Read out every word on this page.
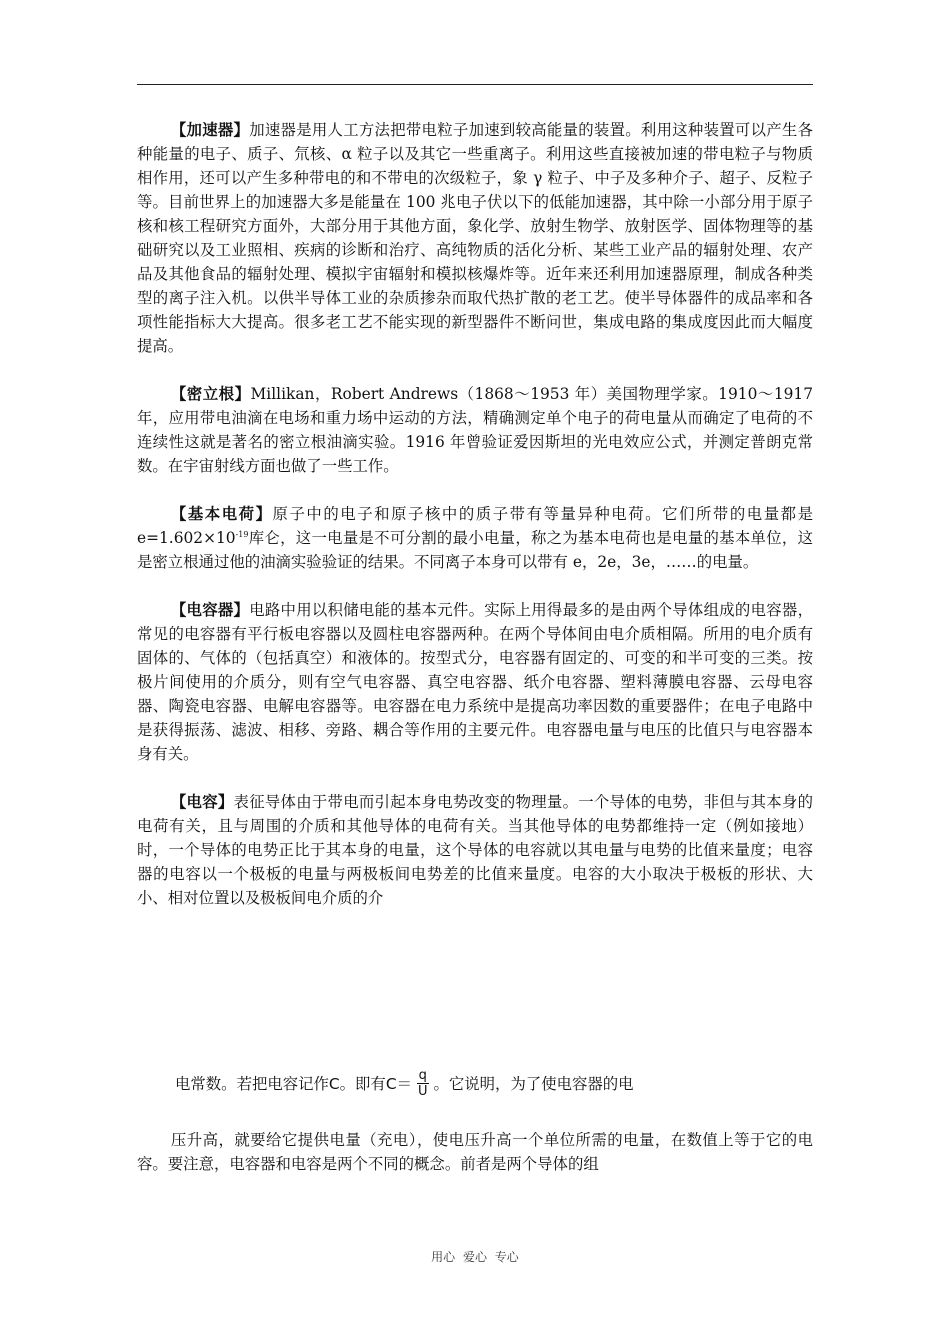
【加速器】加速器是用人工方法把带电粒子加速到较高能量的装置。利用这种装置可以产生各种能量的电子、质子、氘核、α 粒子以及其它一些重离子。利用这些直接被加速的带电粒子与物质相作用，还可以产生多种带电的和不带电的次级粒子，象 γ 粒子、中子及多种介子、超子、反粒子等。目前世界上的加速器大多是能量在 100 兆电子伏以下的低能加速器，其中除一小部分用于原子核和核工程研究方面外，大部分用于其他方面，象化学、放射生物学、放射医学、固体物理等的基础研究以及工业照相、疾病的诊断和治疗、高纯物质的活化分析、某些工业产品的辐射处理、农产品及其他食品的辐射处理、模拟宇宙辐射和模拟核爆炸等。近年来还利用加速器原理，制成各种类型的离子注入机。以供半导体工业的杂质掺杂而取代热扩散的老工艺。使半导体器件的成品率和各项性能指标大大提高。很多老工艺不能实现的新型器件不断问世，集成电路的集成度因此而大幅度提高。

【密立根】Millikan，Robert Andrews（1868～1953 年）美国物理学家。1910～1917 年，应用带电油滴在电场和重力场中运动的方法，精确测定单个电子的荷电量从而确定了电荷的不连续性这就是著名的密立根油滴实验。1916 年曾验证爱因斯坦的光电效应公式，并测定普朗克常数。在宇宙射线方面也做了一些工作。

【基本电荷】原子中的电子和原子核中的质子带有等量异种电荷。它们所带的电量都是 $e=1.602\times 10^{-19}$库仑，这一电量是不可分割的最小电量，称之为基本电荷也是电量的基本单位，这是密立根通过他的油滴实验验证的结果。不同离子本身可以带有 e，2e，3e，……的电量。

【电容器】电路中用以积储电能的基本元件。实际上用得最多的是由两个导体组成的电容器，常见的电容器有平行板电容器以及圆柱电容器两种。在两个导体间由电介质相隔。所用的电介质有固体的、气体的（包括真空）和液体的。按型式分，电容器有固定的、可变的和半可变的三类。按极片间使用的介质分，则有空气电容器、真空电容器、纸介电容器、塑料薄膜电容器、云母电容器、陶瓷电容器、电解电容器等。电容器在电力系统中是提高功率因数的重要器件；在电子电路中是获得振荡、滤波、相移、旁路、耦合等作用的主要元件。电容器电量与电压的比值只与电容器本身有关。

【电容】表征导体由于带电而引起本身电势改变的物理量。一个导体的电势，非但与其本身的电荷有关，且与周围的介质和其他导体的电荷有关。当其他导体的电势都维持一定（例如接地）时，一个导体的电势正比于其本身的电量，这个导体的电容就以其电量与电势的比值来量度；电容器的电容以一个极板的电量与两极板间电势差的比值来量度。电容的大小取决于极板的形状、大小、相对位置以及极板间电介质的介

电常数。若把电容记作C。即有$C= \frac{q}{U}$ 。它说明，为了使电容器的电

压升高，就要给它提供电量（充电），使电压升高一个单位所需的电量，在数值上等于它的电容。要注意，电容器和电容是两个不同的概念。前者是两个导体的组

用心 爱心 专心
